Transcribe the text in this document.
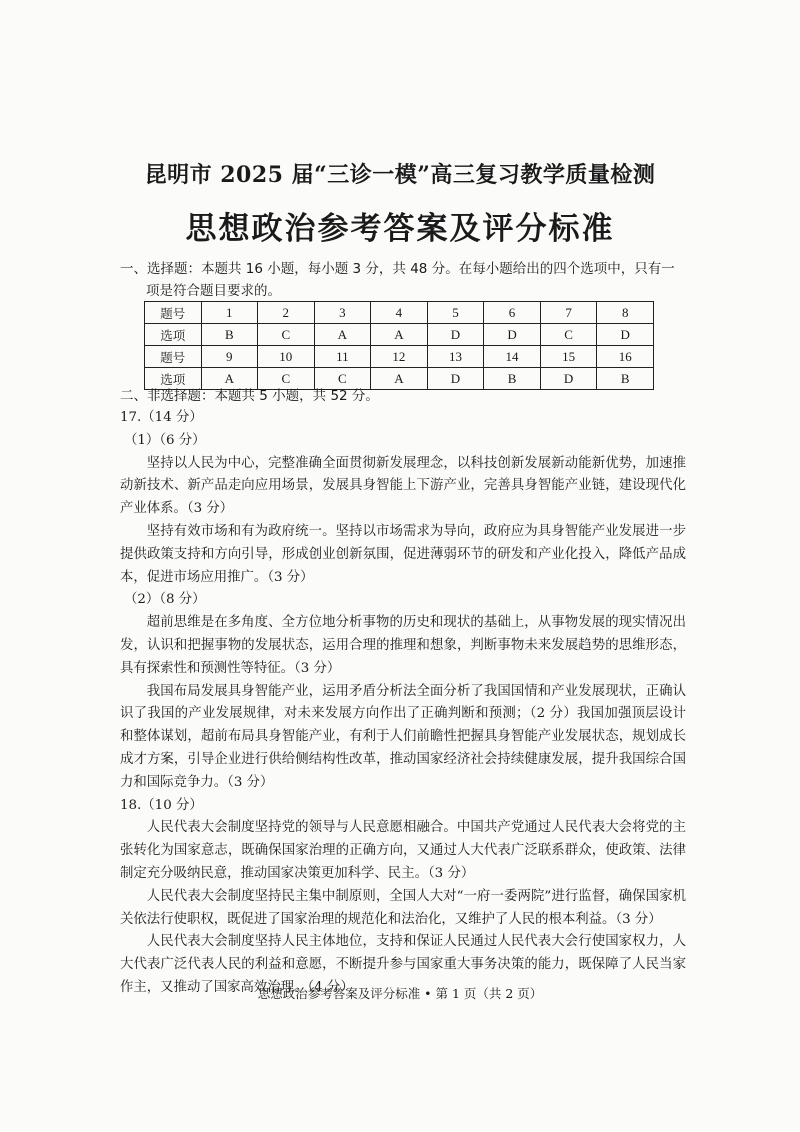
昆明市 2025 届“三诊一模”高三复习教学质量检测
思想政治参考答案及评分标准
一、选择题：本题共 16 小题，每小题 3 分，共 48 分。在每小题给出的四个选项中，只有一
项是符合题目要求的。
题号	1	2	3	4	5	6	7	8
选项	B	C	A	A	D	D	C	D
题号	9	10	11	12	13	14	15	16
选项	A	C	C	A	D	B	D	B
二、非选择题：本题共 5 小题，共 52 分。

17.（14 分）

（1）（6 分）

坚持以人民为中心，完整准确全面贯彻新发展理念，以科技创新发展新动能新优势，加速推动新技术、新产品走向应用场景，发展具身智能上下游产业，完善具身智能产业链，建设现代化产业体系。（3 分）

坚持有效市场和有为政府统一。坚持以市场需求为导向，政府应为具身智能产业发展进一步提供政策支持和方向引导，形成创业创新氛围，促进薄弱环节的研发和产业化投入，降低产品成本，促进市场应用推广。（3 分）

（2）（8 分）

超前思维是在多角度、全方位地分析事物的历史和现状的基础上，从事物发展的现实情况出发，认识和把握事物的发展状态，运用合理的推理和想象，判断事物未来发展趋势的思维形态，具有探索性和预测性等特征。（3 分）

我国布局发展具身智能产业，运用矛盾分析法全面分析了我国国情和产业发展现状，正确认识了我国的产业发展规律，对未来发展方向作出了正确判断和预测；（2 分）我国加强顶层设计和整体谋划，超前布局具身智能产业，有利于人们前瞻性把握具身智能产业发展状态，规划成长成才方案，引导企业进行供给侧结构性改革，推动国家经济社会持续健康发展，提升我国综合国力和国际竞争力。（3 分）

18.（10 分）

人民代表大会制度坚持党的领导与人民意愿相融合。中国共产党通过人民代表大会将党的主张转化为国家意志，既确保国家治理的正确方向，又通过人大代表广泛联系群众，使政策、法律制定充分吸纳民意，推动国家决策更加科学、民主。（3 分）

人民代表大会制度坚持民主集中制原则，全国人大对“一府一委两院”进行监督，确保国家机关依法行使职权，既促进了国家治理的规范化和法治化，又维护了人民的根本利益。（3 分）

人民代表大会制度坚持人民主体地位，支持和保证人民通过人民代表大会行使国家权力，人大代表广泛代表人民的利益和意愿，不断提升参与国家重大事务决策的能力，既保障了人民当家作主，又推动了国家高效治理。（4 分）

思想政治参考答案及评分标准 • 第 1 页（共 2 页）
